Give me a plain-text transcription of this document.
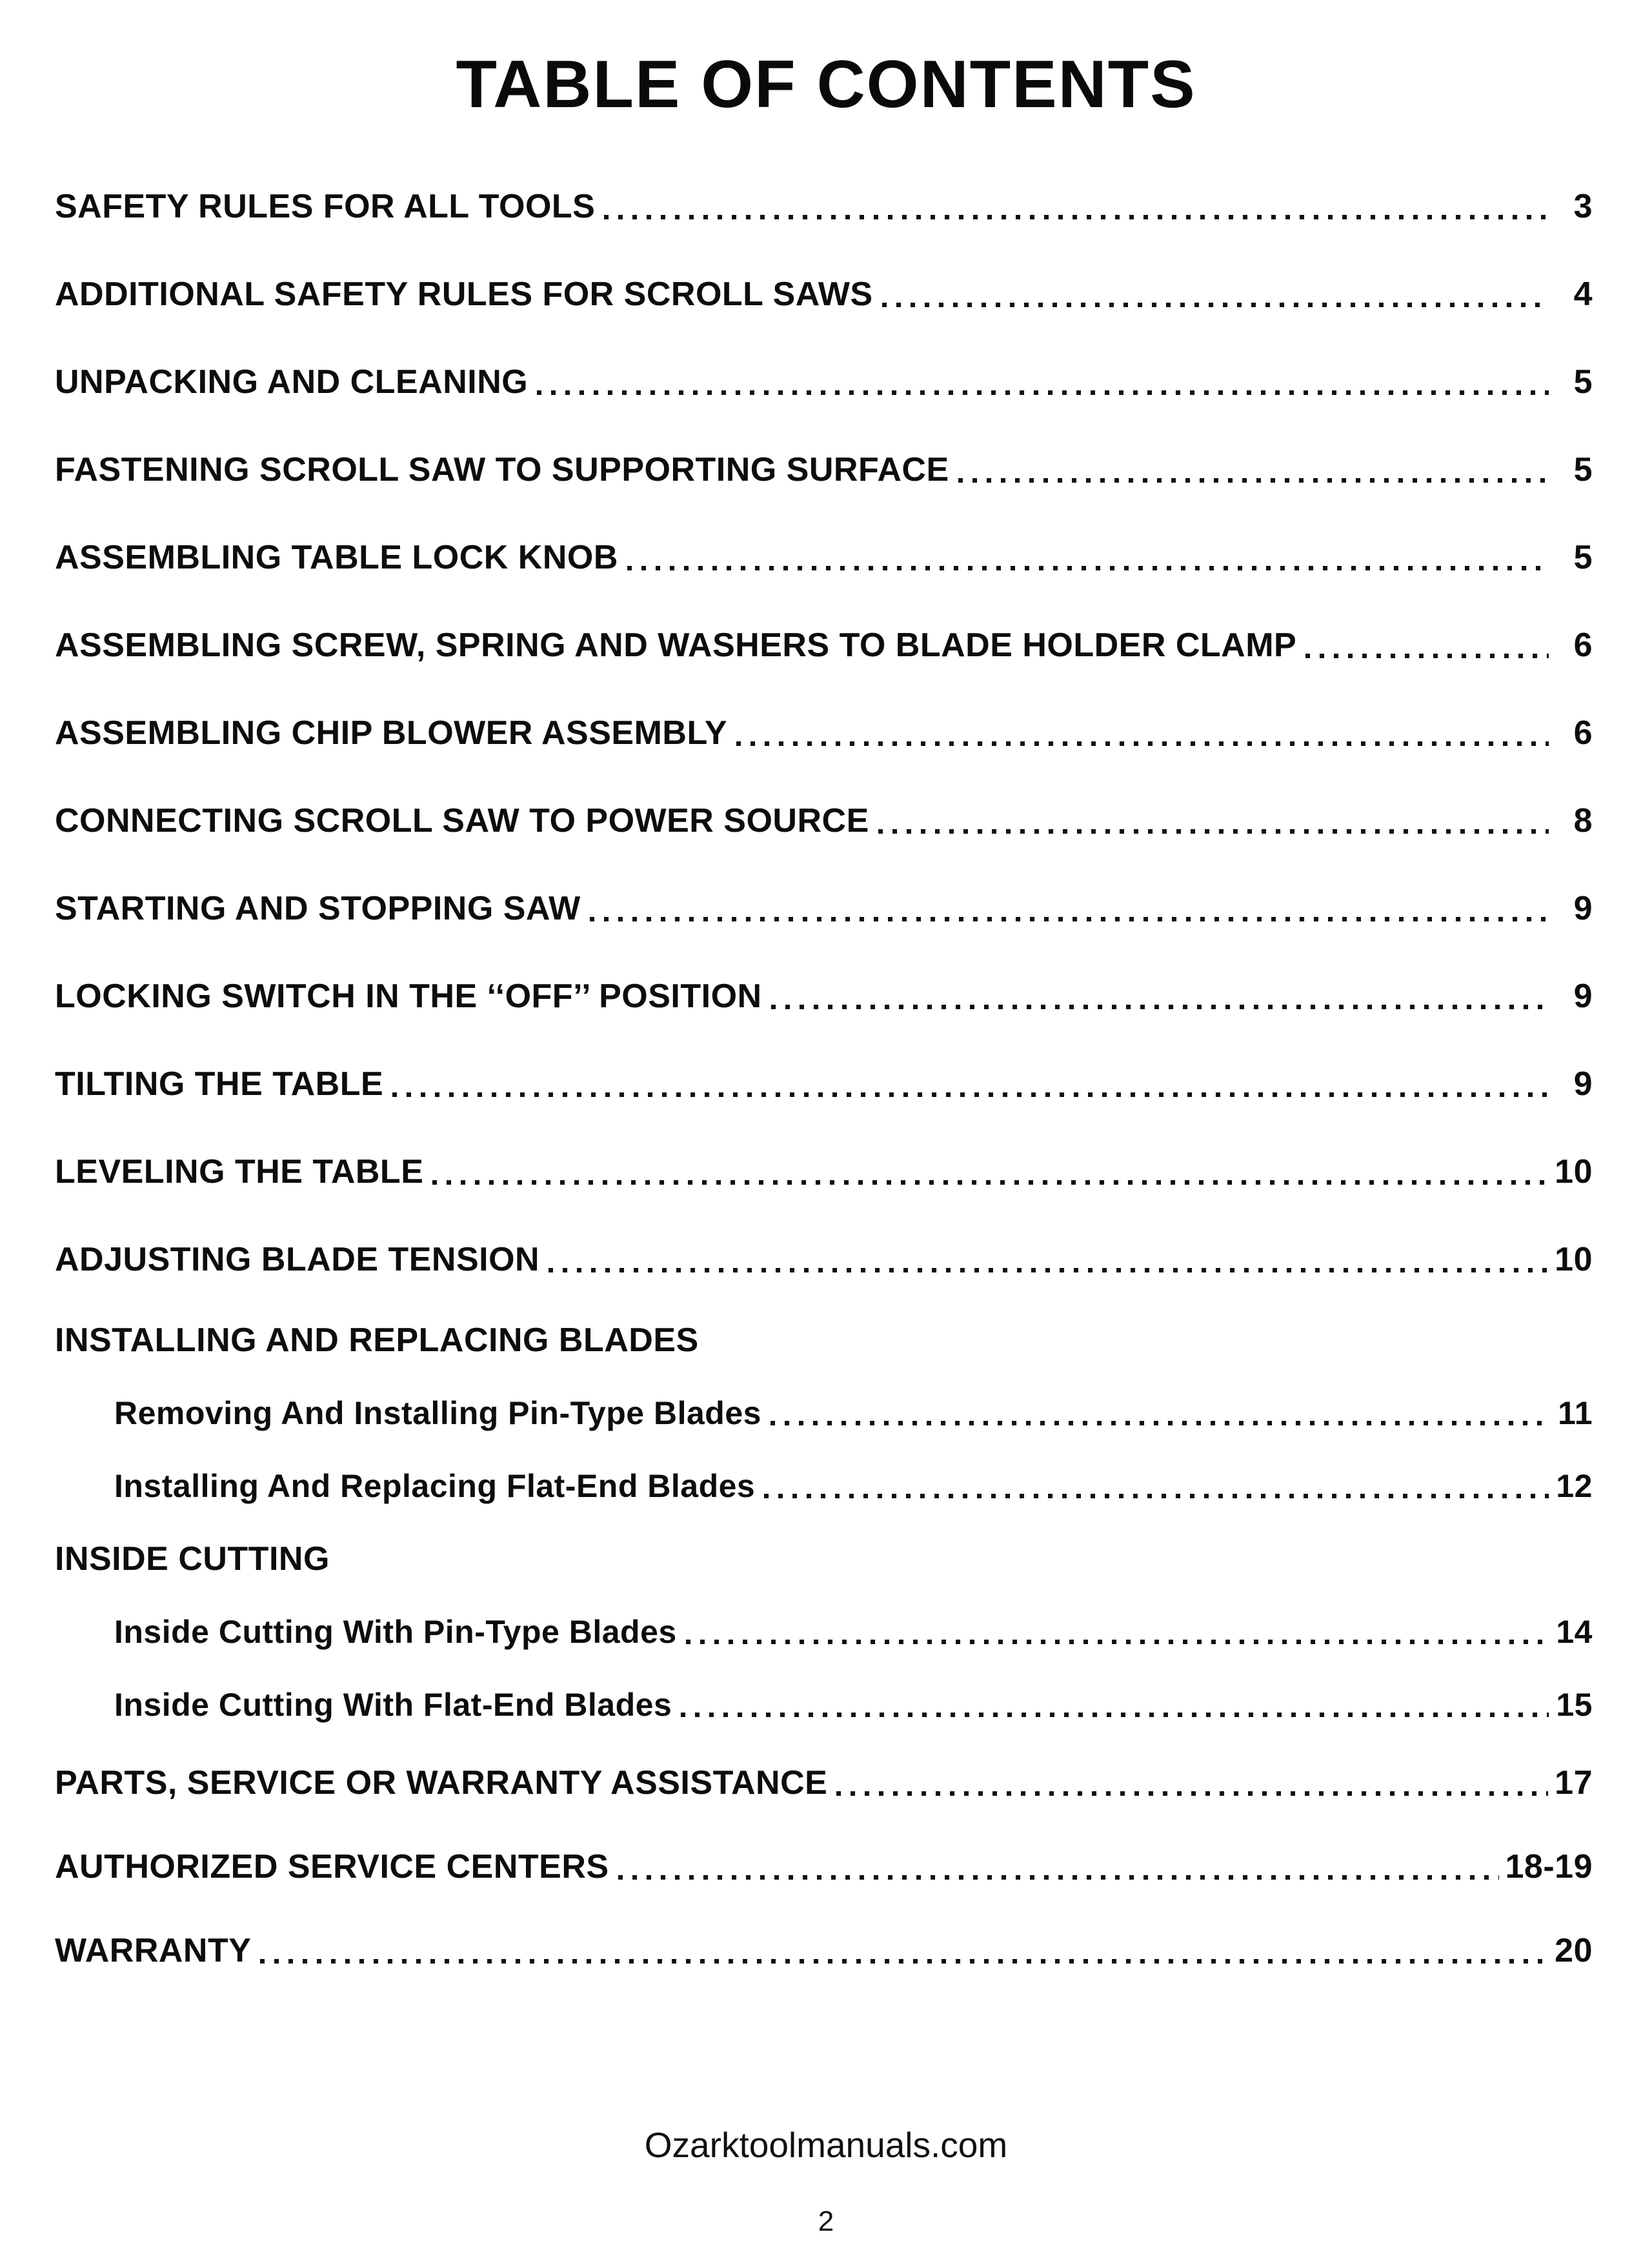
TABLE OF CONTENTS
SAFETY RULES FOR ALL TOOLS	3
ADDITIONAL SAFETY RULES FOR SCROLL SAWS	4
UNPACKING AND CLEANING	5
FASTENING SCROLL SAW TO SUPPORTING SURFACE	5
ASSEMBLING TABLE LOCK KNOB	5
ASSEMBLING SCREW, SPRING AND WASHERS TO BLADE HOLDER CLAMP	6
ASSEMBLING CHIP BLOWER ASSEMBLY	6
CONNECTING SCROLL SAW TO POWER SOURCE	8
STARTING AND STOPPING SAW	9
LOCKING SWITCH IN THE ‘‘OFF’’ POSITION	9
TILTING THE TABLE	9
LEVELING THE TABLE	10
ADJUSTING BLADE TENSION	10
INSTALLING AND REPLACING BLADES
Removing And Installing Pin-Type Blades	11
Installing And Replacing Flat-End Blades	12
INSIDE CUTTING
Inside Cutting With Pin-Type Blades	14
Inside Cutting With Flat-End Blades	15
PARTS, SERVICE OR WARRANTY ASSISTANCE	17
AUTHORIZED SERVICE CENTERS	18-19
WARRANTY	20
Ozarktoolmanuals.com
2
